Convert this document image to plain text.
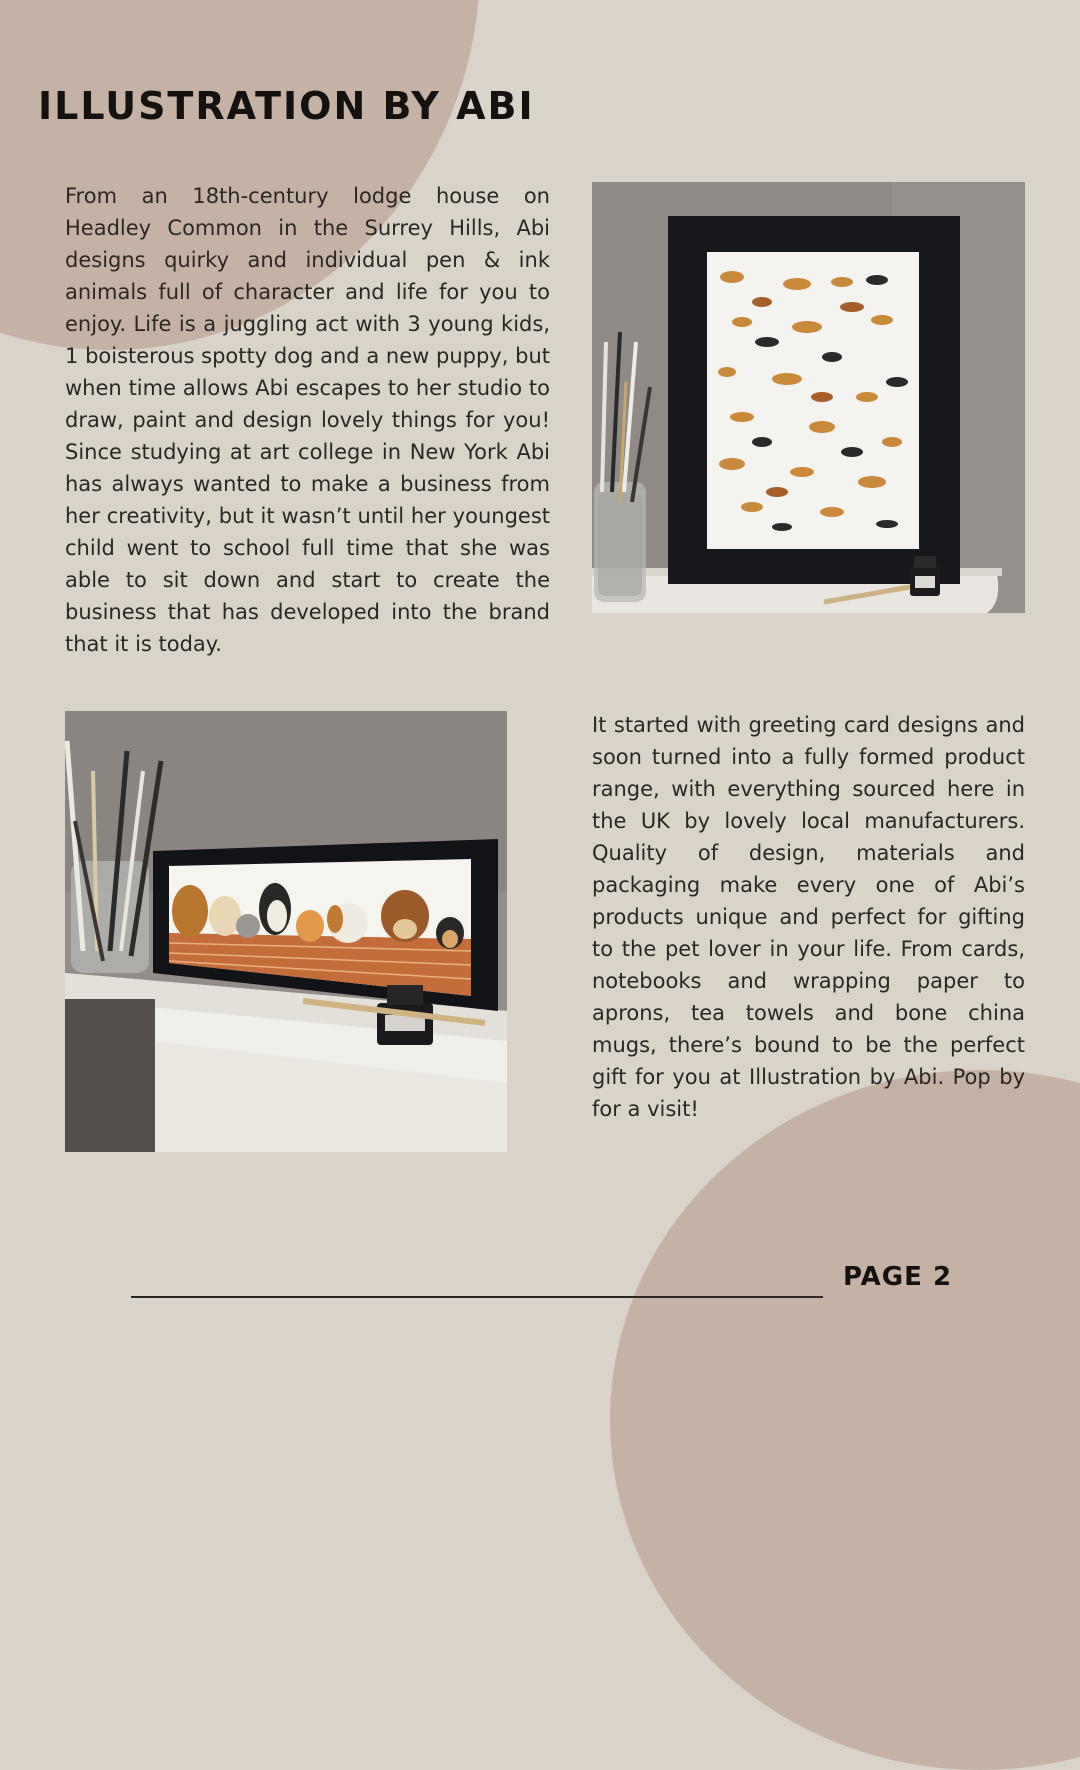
ILLUSTRATION BY ABI

From an 18th-century lodge house on Headley Common in the Surrey Hills, Abi designs quirky and individual pen & ink animals full of character and life for you to enjoy. Life is a juggling act with 3 young kids, 1 boisterous spotty dog and a new puppy, but when time allows Abi escapes to her studio to draw, paint and design lovely things for you! Since studying at art college in New York Abi has always wanted to make a business from her creativity, but it wasn’t until her youngest child went to school full time that she was able to sit down and start to create the business that has developed into the brand that it is today.

It started with greeting card designs and soon turned into a fully formed product range, with everything sourced here in the UK by lovely local manufacturers. Quality of design, materials and packaging make every one of Abi’s products unique and perfect for gifting to the pet lover in your life. From cards, notebooks and wrapping paper to aprons, tea towels and bone china mugs, there’s bound to be the perfect gift for you at Illustration by Abi. Pop by for a visit!

PAGE 2
